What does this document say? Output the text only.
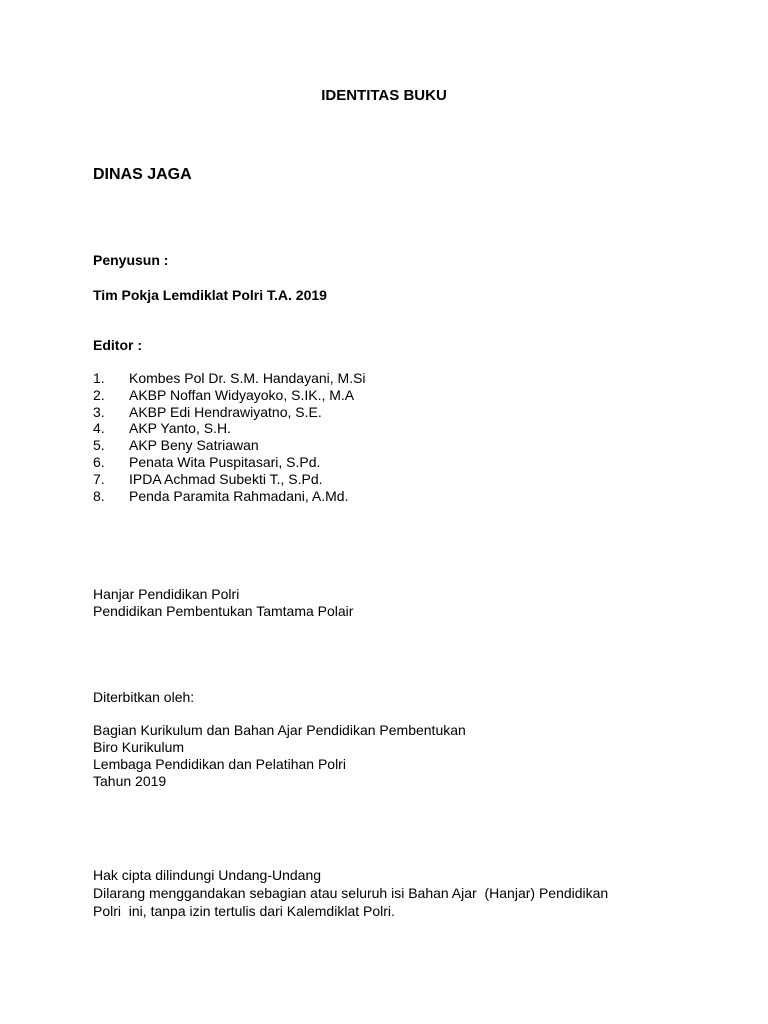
IDENTITAS BUKU
DINAS JAGA
Penyusun :
Tim Pokja Lemdiklat Polri T.A. 2019
Editor :
1. Kombes Pol Dr. S.M. Handayani, M.Si
2. AKBP Noffan Widyayoko, S.IK., M.A
3. AKBP Edi Hendrawiyatno, S.E.
4. AKP Yanto, S.H.
5. AKP Beny Satriawan
6. Penata Wita Puspitasari, S.Pd.
7. IPDA Achmad Subekti T., S.Pd.
8. Penda Paramita Rahmadani, A.Md.
Hanjar Pendidikan Polri
Pendidikan Pembentukan Tamtama Polair
Diterbitkan oleh:
Bagian Kurikulum dan Bahan Ajar Pendidikan Pembentukan
Biro Kurikulum
Lembaga Pendidikan dan Pelatihan Polri
Tahun 2019
Hak cipta dilindungi Undang-Undang
Dilarang menggandakan sebagian atau seluruh isi Bahan Ajar  (Hanjar) Pendidikan
Polri  ini, tanpa izin tertulis dari Kalemdiklat Polri.
